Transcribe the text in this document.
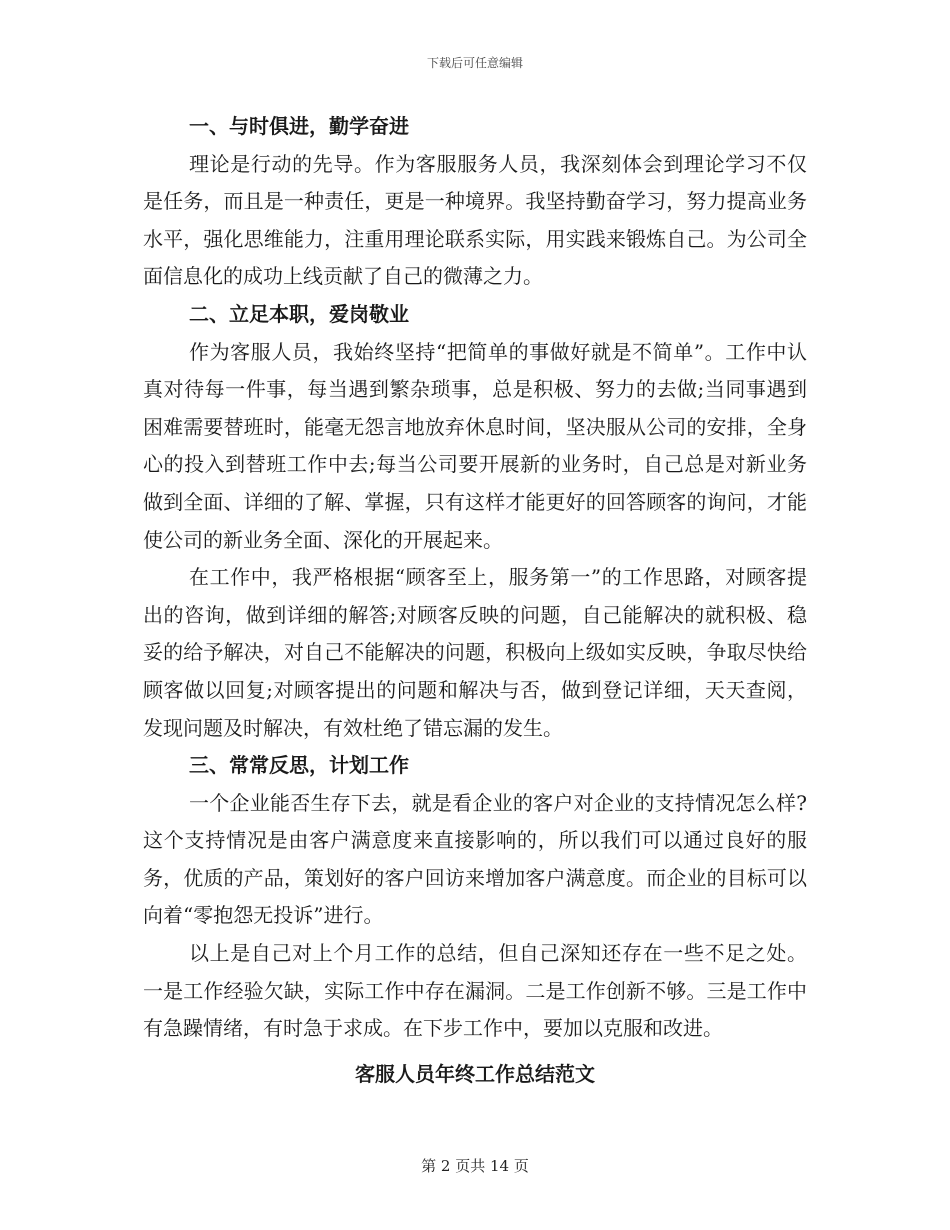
下载后可任意编辑
一、与时俱进，勤学奋进

理论是行动的先导。作为客服服务人员，我深刻体会到理论学习不仅是任务，而且是一种责任，更是一种境界。我坚持勤奋学习，努力提高业务水平，强化思维能力，注重用理论联系实际，用实践来锻炼自己。为公司全面信息化的成功上线贡献了自己的微薄之力。

二、立足本职，爱岗敬业

作为客服人员，我始终坚持“把简单的事做好就是不简单”。工作中认真对待每一件事，每当遇到繁杂琐事，总是积极、努力的去做;当同事遇到困难需要替班时，能毫无怨言地放弃休息时间，坚决服从公司的安排，全身心的投入到替班工作中去;每当公司要开展新的业务时，自己总是对新业务做到全面、详细的了解、掌握，只有这样才能更好的回答顾客的询问，才能使公司的新业务全面、深化的开展起来。

在工作中，我严格根据“顾客至上，服务第一”的工作思路，对顾客提出的咨询，做到详细的解答;对顾客反映的问题，自己能解决的就积极、稳妥的给予解决，对自己不能解决的问题，积极向上级如实反映，争取尽快给顾客做以回复;对顾客提出的问题和解决与否，做到登记详细，天天查阅，发现问题及时解决，有效杜绝了错忘漏的发生。

三、常常反思，计划工作

一个企业能否生存下去，就是看企业的客户对企业的支持情况怎么样?这个支持情况是由客户满意度来直接影响的，所以我们可以通过良好的服务，优质的产品，策划好的客户回访来增加客户满意度。而企业的目标可以向着“零抱怨无投诉”进行。

以上是自己对上个月工作的总结，但自己深知还存在一些不足之处。一是工作经验欠缺，实际工作中存在漏洞。二是工作创新不够。三是工作中有急躁情绪，有时急于求成。在下步工作中，要加以克服和改进。

客服人员年终工作总结范文
第 2 页共 14 页
